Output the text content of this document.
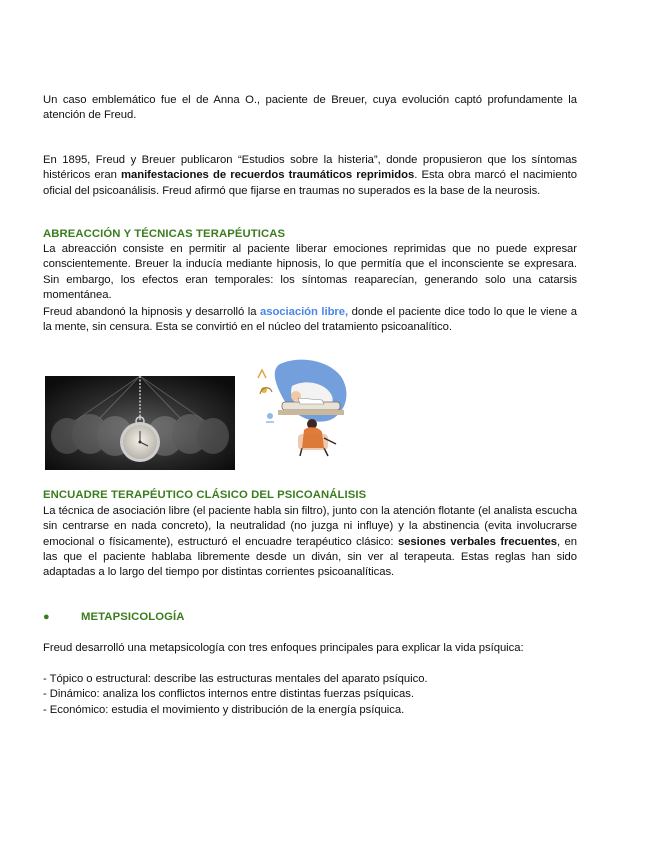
Un caso emblemático fue el de Anna O., paciente de Breuer, cuya evolución captó profundamente la atención de Freud.

En 1895, Freud y Breuer publicaron “Estudios sobre la histeria”, donde propusieron que los síntomas histéricos eran manifestaciones de recuerdos traumáticos reprimidos. Esta obra marcó el nacimiento oficial del psicoanálisis. Freud afirmó que fijarse en traumas no superados es la base de la neurosis.

ABREACCIÓN Y TÉCNICAS TERAPÉUTICAS

La abreacción consiste en permitir al paciente liberar emociones reprimidas que no puede expresar conscientemente. Breuer la inducía mediante hipnosis, lo que permitía que el inconsciente se expresara. Sin embargo, los efectos eran temporales: los síntomas reaparecían, generando solo una catarsis momentánea.

Freud abandonó la hipnosis y desarrolló la asociación libre, donde el paciente dice todo lo que le viene a la mente, sin censura. Esta se convirtió en el núcleo del tratamiento psicoanalítico.

ENCUADRE TERAPÉUTICO CLÁSICO DEL PSICOANÁLISIS

La técnica de asociación libre (el paciente habla sin filtro), junto con la atención flotante (el analista escucha sin centrarse en nada concreto), la neutralidad (no juzga ni influye) y la abstinencia (evita involucrarse emocional o físicamente), estructuró el encuadre terapéutico clásico: sesiones verbales frecuentes, en las que el paciente hablaba libremente desde un diván, sin ver al terapeuta. Estas reglas han sido adaptadas a lo largo del tiempo por distintas corrientes psicoanalíticas.

●	METAPSICOLOGÍA

Freud desarrolló una metapsicología con tres enfoques principales para explicar la vida psíquica:

- Tópico o estructural: describe las estructuras mentales del aparato psíquico.

- Dinámico: analiza los conflictos internos entre distintas fuerzas psíquicas.

- Económico: estudia el movimiento y distribución de la energía psíquica.
